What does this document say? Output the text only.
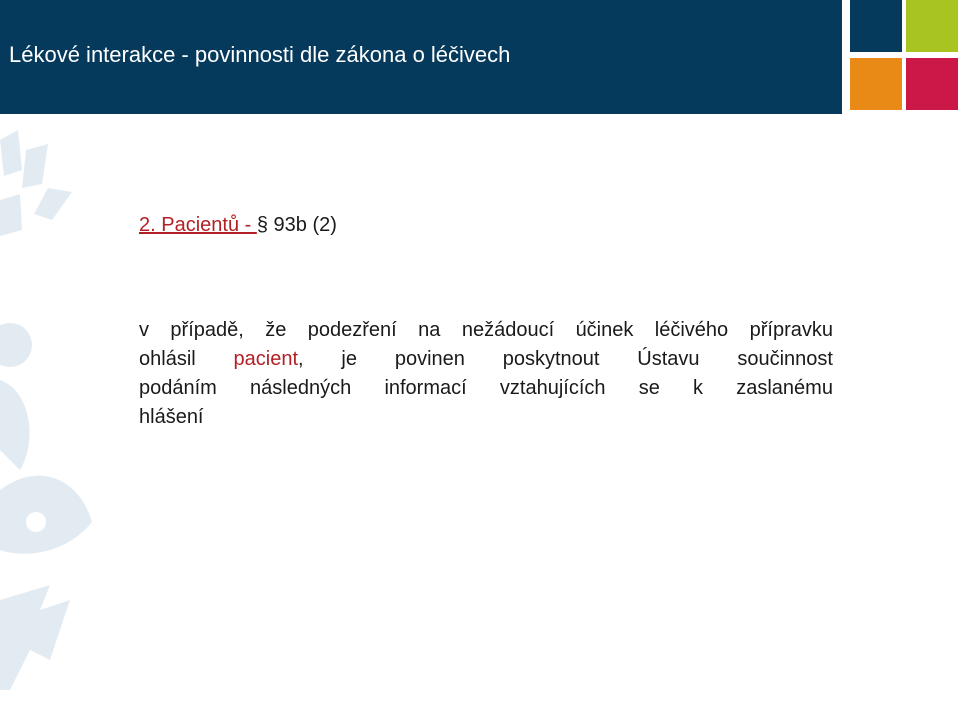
Lékové interakce - povinnosti dle zákona o léčivech
2. Pacientů - § 93b (2)
v případě, že podezření na nežádoucí účinek léčivého přípravku
ohlásil pacient, je povinen poskytnout Ústavu součinnost
podáním následných informací vztahujících se k zaslanému
hlášení
